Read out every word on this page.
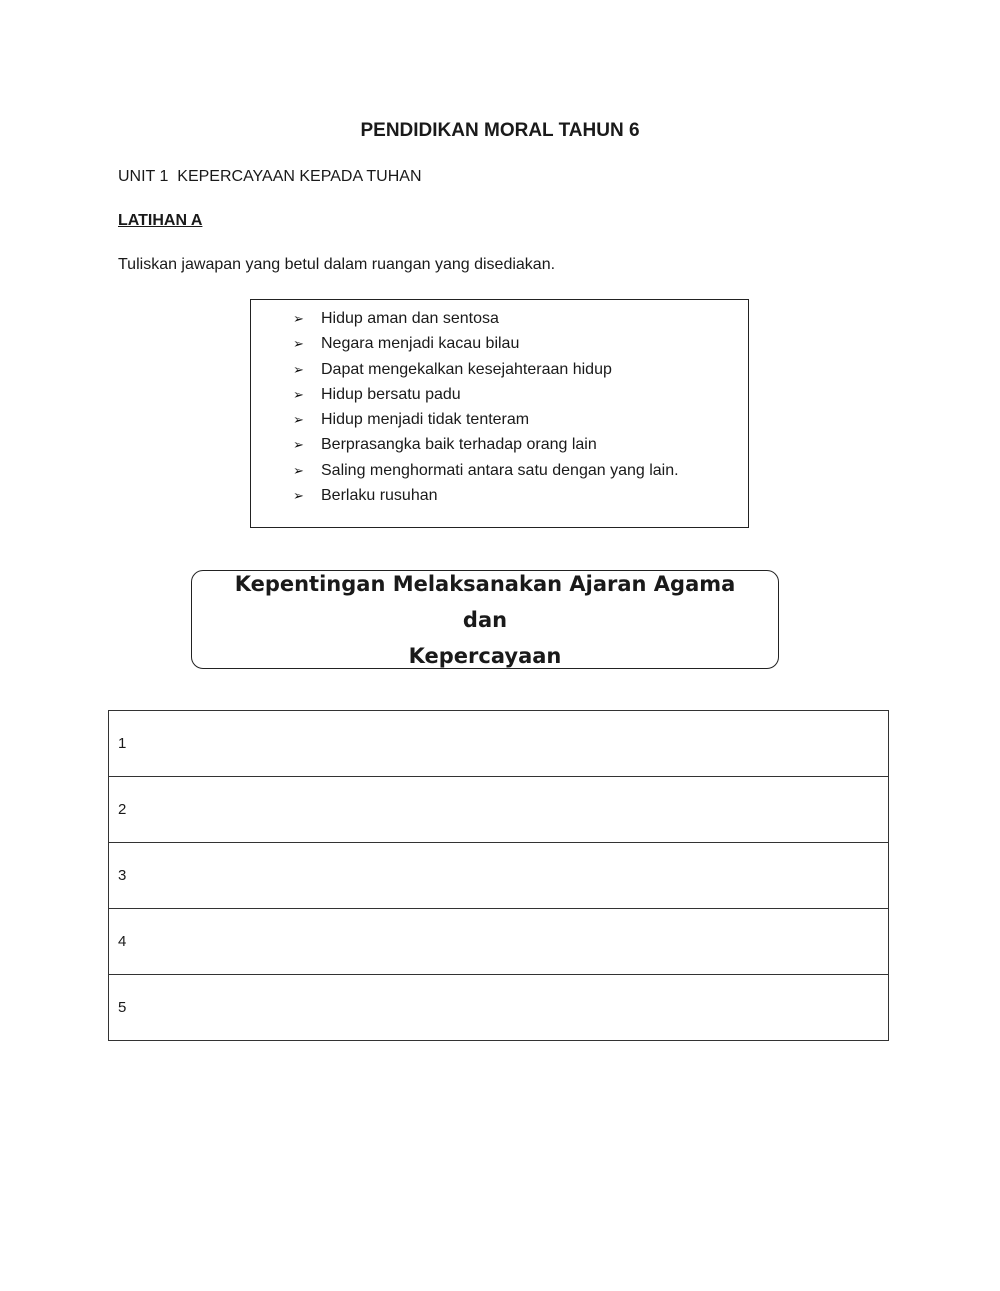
PENDIDIKAN MORAL TAHUN 6
UNIT 1  KEPERCAYAAN KEPADA TUHAN
LATIHAN A
Tuliskan jawapan yang betul dalam ruangan yang disediakan.
➢	Hidup aman dan sentosa
➢	Negara menjadi kacau bilau
➢	Dapat mengekalkan kesejahteraan hidup
➢	Hidup bersatu padu
➢	Hidup menjadi tidak tenteram
➢	Berprasangka baik terhadap orang lain
➢	Saling menghormati antara satu dengan yang lain.
➢	Berlaku rusuhan
Kepentingan Melaksanakan Ajaran Agama dan
Kepercayaan
1
2
3
4
5
